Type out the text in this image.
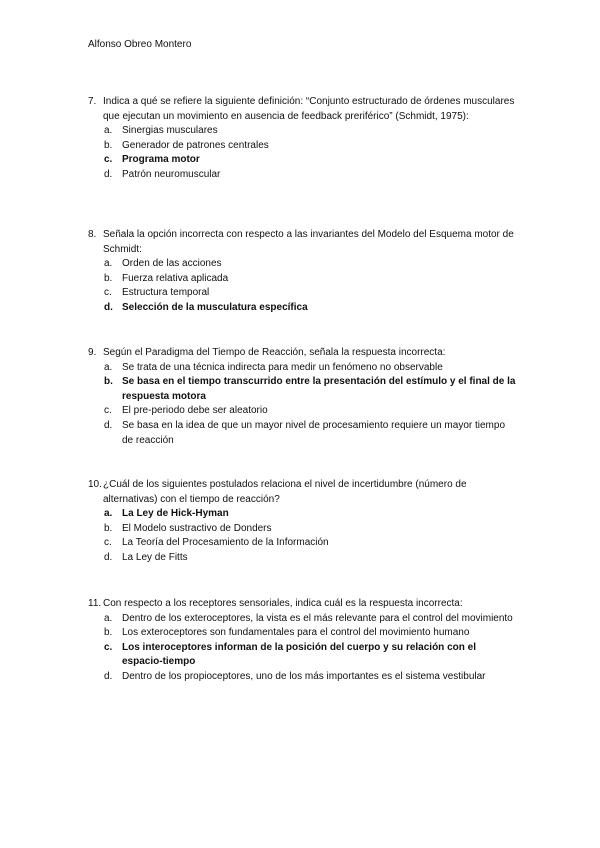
Alfonso Obreo Montero
7. Indica a qué se refiere la siguiente definición: “Conjunto estructurado de órdenes musculares que ejecutan un movimiento en ausencia de feedback preriférico” (Schmidt, 1975):
a. Sinergias musculares
b. Generador de patrones centrales
c. Programa motor
d. Patrón neuromuscular
8. Señala la opción incorrecta con respecto a las invariantes del Modelo del Esquema motor de Schmidt:
a. Orden de las acciones
b. Fuerza relativa aplicada
c.	Estructura temporal
d. Selección de la musculatura específica
9. Según el Paradigma del Tiempo de Reacción, señala la respuesta incorrecta:
a. Se trata de una técnica indirecta para medir un fenómeno no observable
b. Se basa en el tiempo transcurrido entre la presentación del estímulo y el final de la respuesta motora
c.	El pre-periodo debe ser aleatorio
d. Se basa en la idea de que un mayor nivel de procesamiento requiere un mayor tiempo de reacción
10. ¿Cuál de los siguientes postulados relaciona el nivel de incertidumbre (número de alternativas) con el tiempo de reacción?
a. La Ley de Hick-Hyman
b. El Modelo sustractivo de Donders
c.	La Teoría del Procesamiento de la Información
d. La Ley de Fitts
11. Con respecto a los receptores sensoriales, indica cuál es la respuesta incorrecta:
a. Dentro de los exteroceptores, la vista es el más relevante para el control del movimiento
b. Los exteroceptores son fundamentales para el control del movimiento humano
c. Los interoceptores informan de la posición del cuerpo y su relación con el espacio-tiempo
d. Dentro de los propioceptores, uno de los más importantes es el sistema vestibular
